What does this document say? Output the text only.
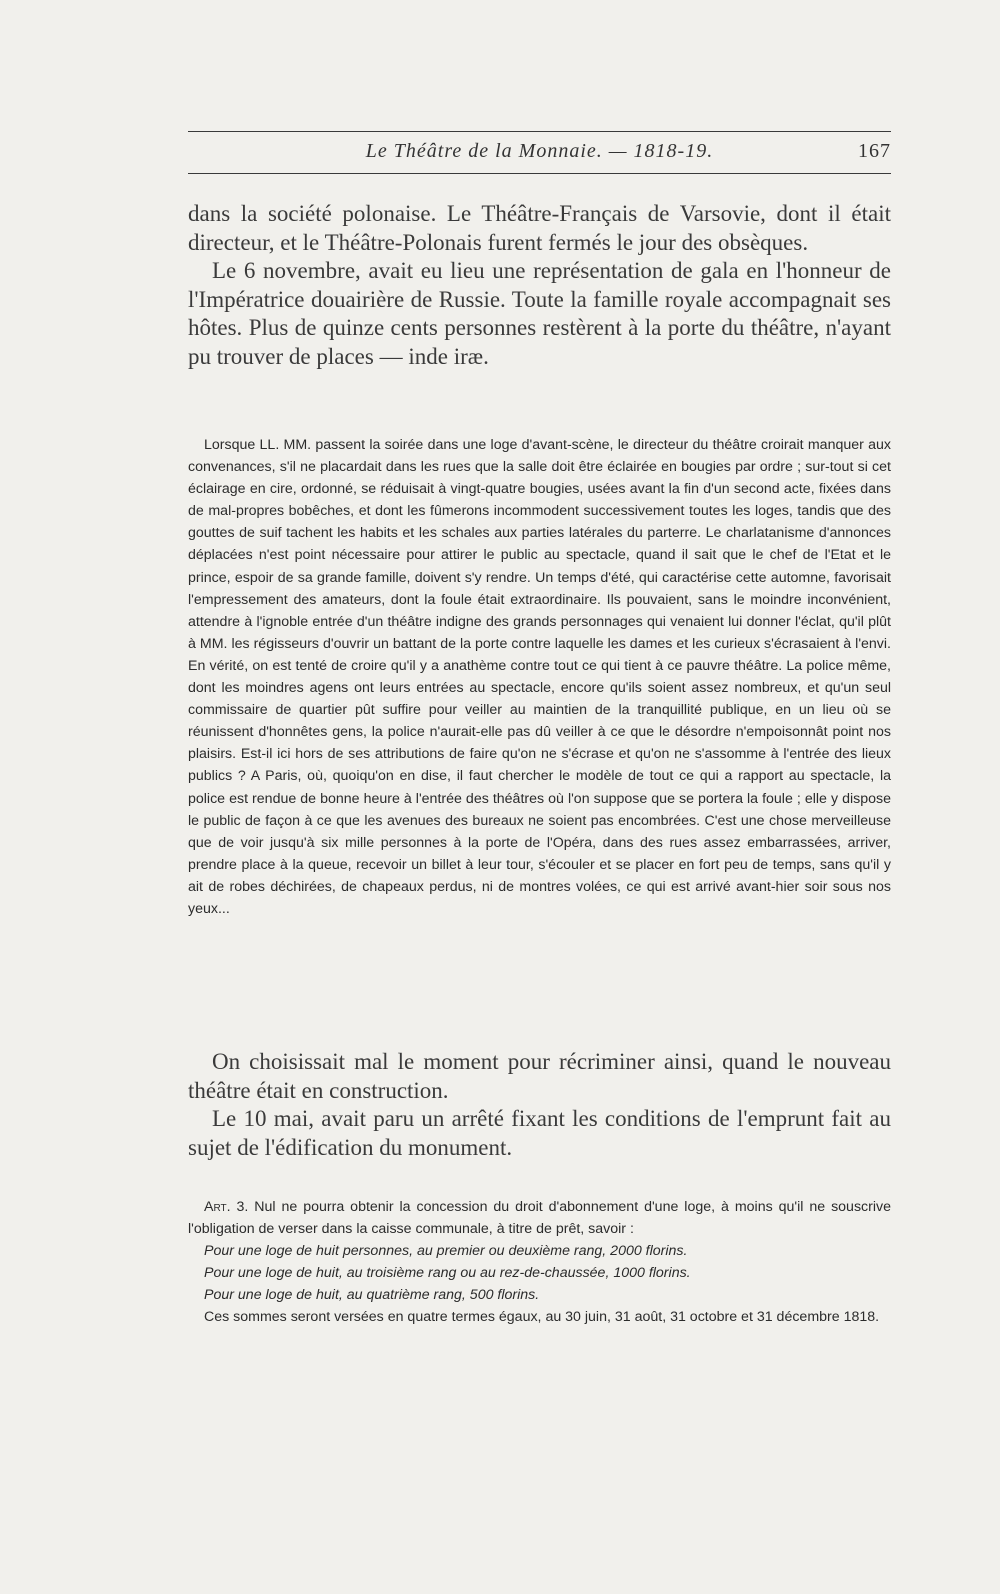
Le Théâtre de la Monnaie. — 1818-19.	167

dans la société polonaise. Le Théâtre-Français de Varsovie, dont il était directeur, et le Théâtre-Polonais furent fermés le jour des obsèques.

Le 6 novembre, avait eu lieu une représentation de gala en l'honneur de l'Impératrice douairière de Russie. Toute la famille royale accompagnait ses hôtes. Plus de quinze cents personnes restèrent à la porte du théâtre, n'ayant pu trouver de places — inde iræ.

Lorsque LL. MM. passent la soirée dans une loge d'avant-scène, le directeur du théâtre croirait manquer aux convenances, s'il ne placardait dans les rues que la salle doit être éclairée en bougies par ordre ; sur-tout si cet éclairage en cire, ordonné, se réduisait à vingt-quatre bougies, usées avant la fin d'un second acte, fixées dans de mal-propres bobêches, et dont les fûmerons incommodent successivement toutes les loges, tandis que des gouttes de suif tachent les habits et les schales aux parties latérales du parterre. Le charlatanisme d'annonces déplacées n'est point nécessaire pour attirer le public au spectacle, quand il sait que le chef de l'Etat et le prince, espoir de sa grande famille, doivent s'y rendre. Un temps d'été, qui caractérise cette automne, favorisait l'empressement des amateurs, dont la foule était extraordinaire. Ils pouvaient, sans le moindre inconvénient, attendre à l'ignoble entrée d'un théâtre indigne des grands personnages qui venaient lui donner l'éclat, qu'il plût à MM. les régisseurs d'ouvrir un battant de la porte contre laquelle les dames et les curieux s'écrasaient à l'envi. En vérité, on est tenté de croire qu'il y a anathème contre tout ce qui tient à ce pauvre théâtre. La police même, dont les moindres agens ont leurs entrées au spectacle, encore qu'ils soient assez nombreux, et qu'un seul commissaire de quartier pût suffire pour veiller au maintien de la tranquillité publique, en un lieu où se réunissent d'honnêtes gens, la police n'aurait-elle pas dû veiller à ce que le désordre n'empoisonnât point nos plaisirs. Est-il ici hors de ses attributions de faire qu'on ne s'écrase et qu'on ne s'assomme à l'entrée des lieux publics ? A Paris, où, quoiqu'on en dise, il faut chercher le modèle de tout ce qui a rapport au spectacle, la police est rendue de bonne heure à l'entrée des théâtres où l'on suppose que se portera la foule ; elle y dispose le public de façon à ce que les avenues des bureaux ne soient pas encombrées. C'est une chose merveilleuse que de voir jusqu'à six mille personnes à la porte de l'Opéra, dans des rues assez embarrassées, arriver, prendre place à la queue, recevoir un billet à leur tour, s'écouler et se placer en fort peu de temps, sans qu'il y ait de robes déchirées, de chapeaux perdus, ni de montres volées, ce qui est arrivé avant-hier soir sous nos yeux...

On choisissait mal le moment pour récriminer ainsi, quand le nouveau théâtre était en construction.

Le 10 mai, avait paru un arrêté fixant les conditions de l'emprunt fait au sujet de l'édification du monument.

Art. 3. Nul ne pourra obtenir la concession du droit d'abonnement d'une loge, à moins qu'il ne souscrive l'obligation de verser dans la caisse communale, à titre de prêt, savoir :

Pour une loge de huit personnes, au premier ou deuxième rang, 2000 florins.

Pour une loge de huit, au troisième rang ou au rez-de-chaussée, 1000 florins.

Pour une loge de huit, au quatrième rang, 500 florins.

Ces sommes seront versées en quatre termes égaux, au 30 juin, 31 août, 31 octobre et 31 décembre 1818.
